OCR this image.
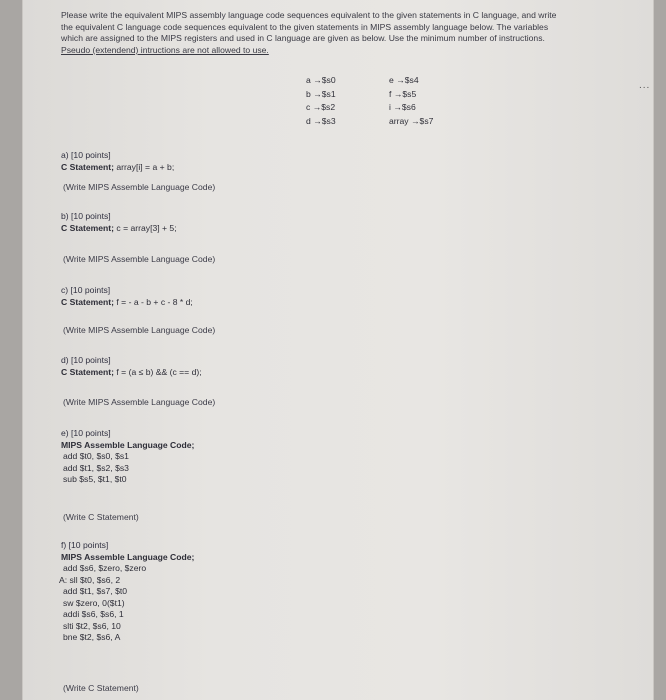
Please write the equivalent MIPS assembly language code sequences equivalent to the given statements in C language, and write
the equivalent C language code sequences equivalent to the given statements in MIPS assembly language below. The variables
which are assigned to the MIPS registers and used in C language are given as below. Use the minimum number of instructions.
Pseudo (extendend) intructions are not allowed to use.
a →$s0
b →$s1
c →$s2
d →$s3
e →$s4
f →$s5
i →$s6
array →$s7
...
a) [10 points]
C Statement; array[i] = a + b;
(Write MIPS Assemble Language Code)
b) [10 points]
C Statement; c = array[3] + 5;
(Write MIPS Assemble Language Code)
c) [10 points]
C Statement; f = - a - b + c - 8 * d;
(Write MIPS Assemble Language Code)
d) [10 points]
C Statement; f = (a ≤ b) && (c == d);
(Write MIPS Assemble Language Code)
e) [10 points]
MIPS Assemble Language Code;
add $t0, $s0, $s1
add $t1, $s2, $s3
sub $s5, $t1, $t0
(Write C Statement)
f) [10 points]
MIPS Assemble Language Code;
add $s6, $zero, $zero
A: sll $t0, $s6, 2
add $t1, $s7, $t0
sw $zero, 0($t1)
addi $s6, $s6, 1
slti $t2, $s6, 10
bne $t2, $s6, A
(Write C Statement)
